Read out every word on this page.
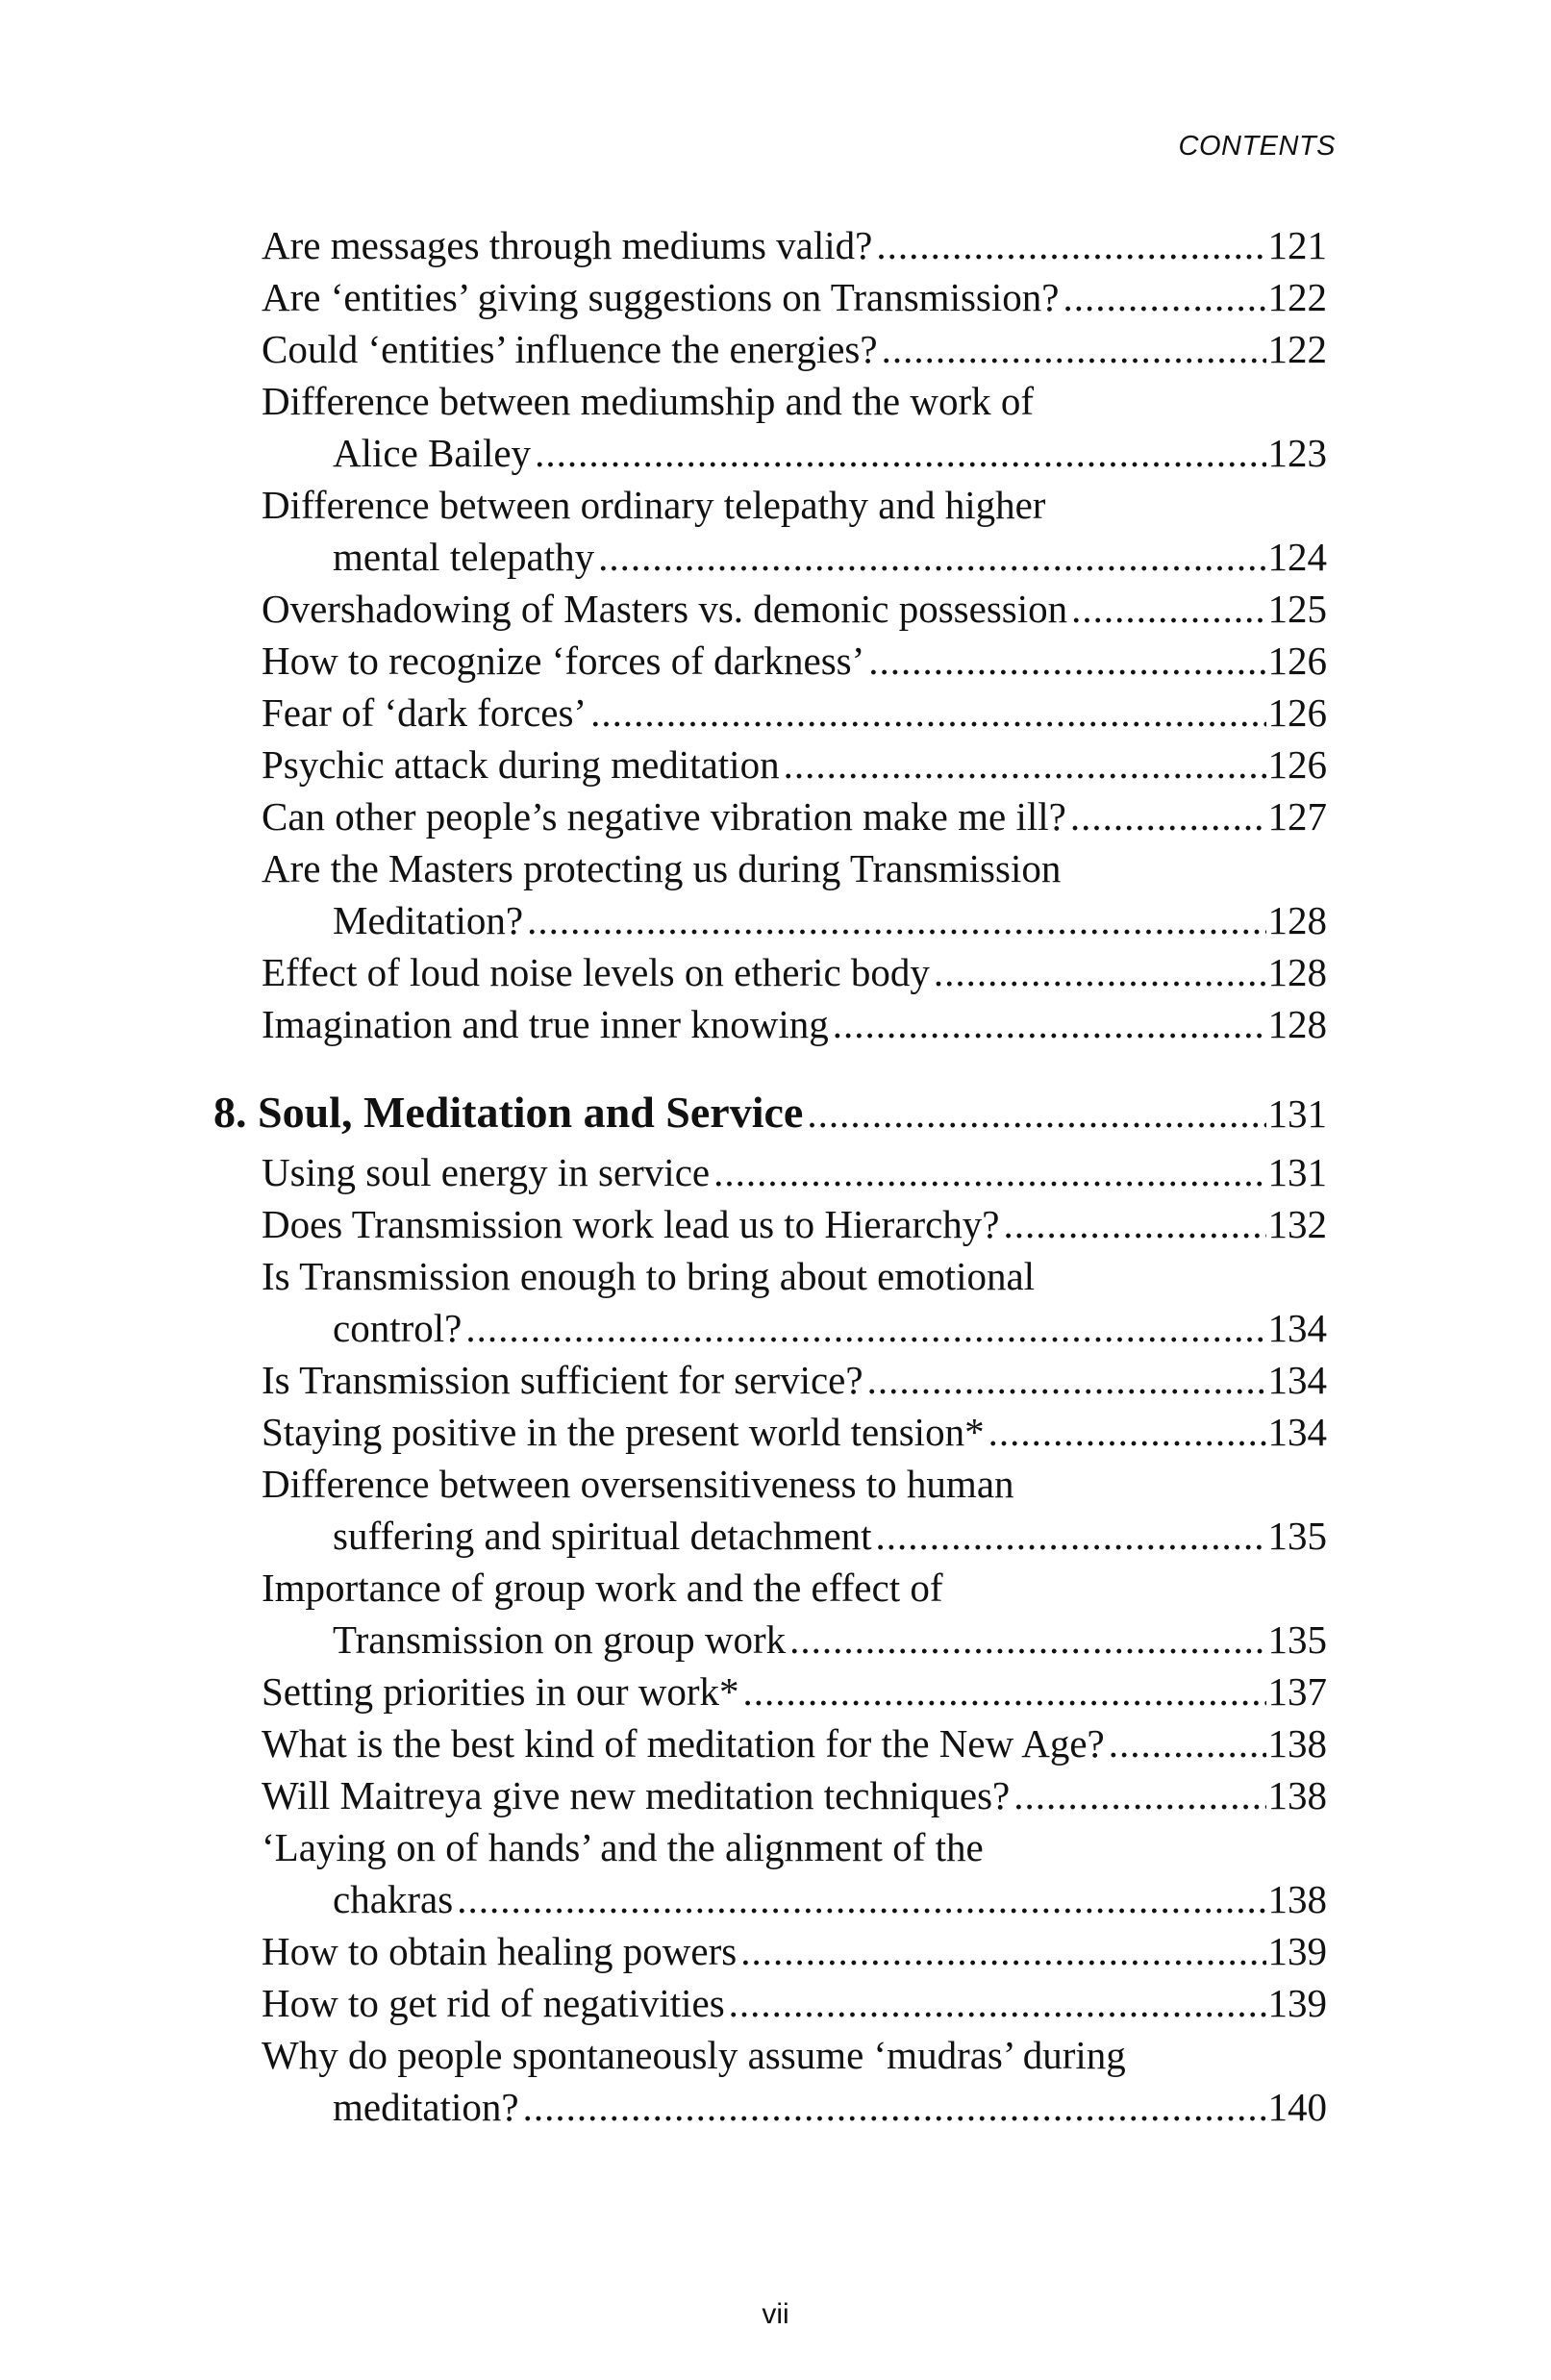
CONTENTS
Are messages through mediums valid? .....	121
Are ‘entities’ giving suggestions on Transmission? .....	122
Could ‘entities’ influence the energies? .....	122
Difference between mediumship and the work of
Alice Bailey .....	123
Difference between ordinary telepathy and higher
mental telepathy .....	124
Overshadowing of Masters vs. demonic possession .....	125
How to recognize ‘forces of darkness’ .....	126
Fear of ‘dark forces’ .....	126
Psychic attack during meditation .....	126
Can other people’s negative vibration make me ill? .....	127
Are the Masters protecting us during Transmission
Meditation? .....	128
Effect of loud noise levels on etheric body .....	128
Imagination and true inner knowing .....	128
8. Soul, Meditation and Service .....	131
Using soul energy in service .....	131
Does Transmission work lead us to Hierarchy? .....	132
Is Transmission enough to bring about emotional
control? .....	134
Is Transmission sufficient for service? .....	134
Staying positive in the present world tension* .....	134
Difference between oversensitiveness to human
suffering and spiritual detachment .....	135
Importance of group work and the effect of
Transmission on group work .....	135
Setting priorities in our work* .....	137
What is the best kind of meditation for the New Age? .....	138
Will Maitreya give new meditation techniques? .....	138
‘Laying on of hands’ and the alignment of the
chakras .....	138
How to obtain healing powers .....	139
How to get rid of negativities .....	139
Why do people spontaneously assume ‘mudras’ during
meditation? .....	140
vii
